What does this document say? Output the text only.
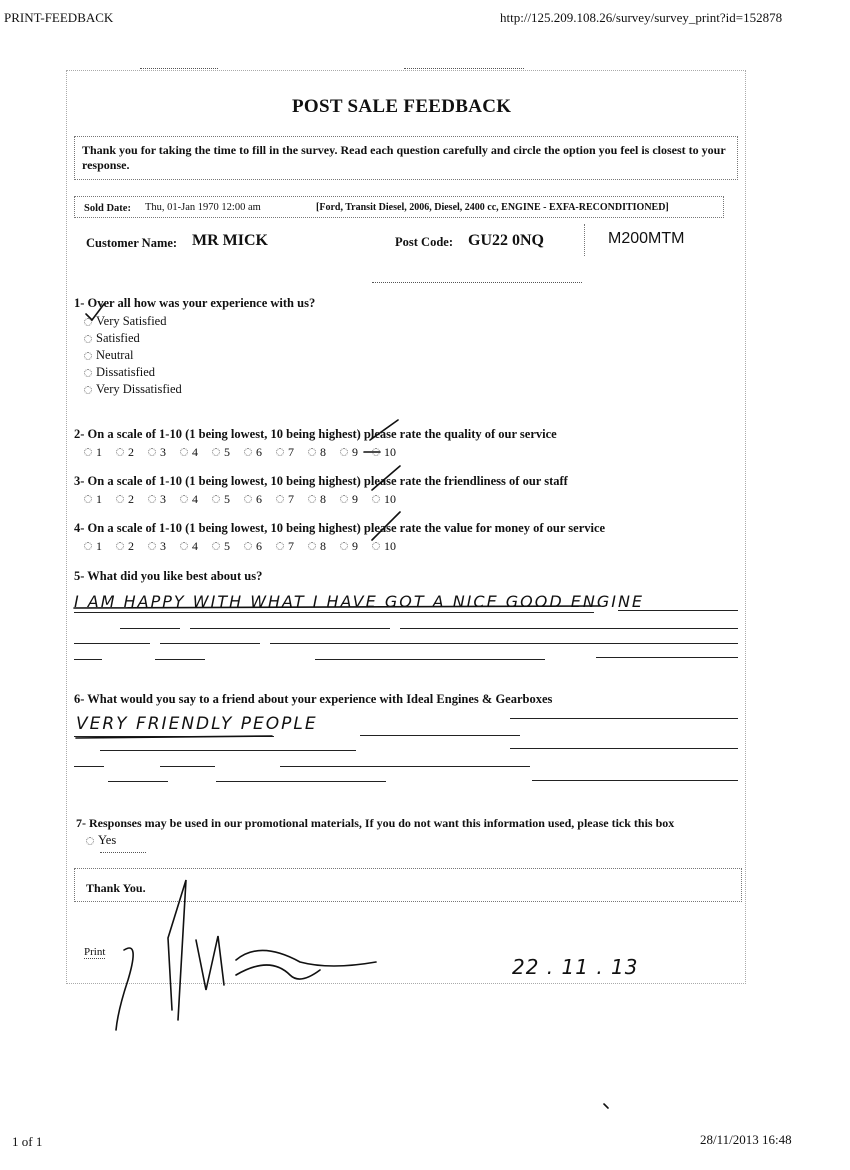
PRINT-FEEDBACK	http://125.209.108.26/survey/survey_print?id=152878
1 of 1	28/11/2013 16:48
POST SALE FEEDBACK
Thank you for taking the time to fill in the survey. Read each question carefully and circle the option you feel is closest to your response.
Sold Date: Thu, 01-Jan 1970 12:00 am	[Ford, Transit Diesel, 2006, Diesel, 2400 cc, ENGINE - EXFA-RECONDITIONED]
Customer Name: MR MICK	Post Code: GU22 0NQ	M200MTM
1- Over all how was your experience with us?
Very Satisfied
Satisfied
Neutral
Dissatisfied
Very Dissatisfied
2- On a scale of 1-10 (1 being lowest, 10 being highest) please rate the quality of our service
1 2 3 4 5 6 7 8 9 10
3- On a scale of 1-10 (1 being lowest, 10 being highest) please rate the friendliness of our staff
1 2 3 4 5 6 7 8 9 10
4- On a scale of 1-10 (1 being lowest, 10 being highest) please rate the value for money of our service
1 2 3 4 5 6 7 8 9 10
5- What did you like best about us?
I AM HAPPY WITH WHAT I HAVE GOT A NICE GOOD ENGINE
6- What would you say to a friend about your experience with Ideal Engines & Gearboxes
VERY FRIENDLY PEOPLE
7- Responses may be used in our promotional materials, If you do not want this information used, please tick this box
Yes
Thank You.
Print
22 . 11 . 13
